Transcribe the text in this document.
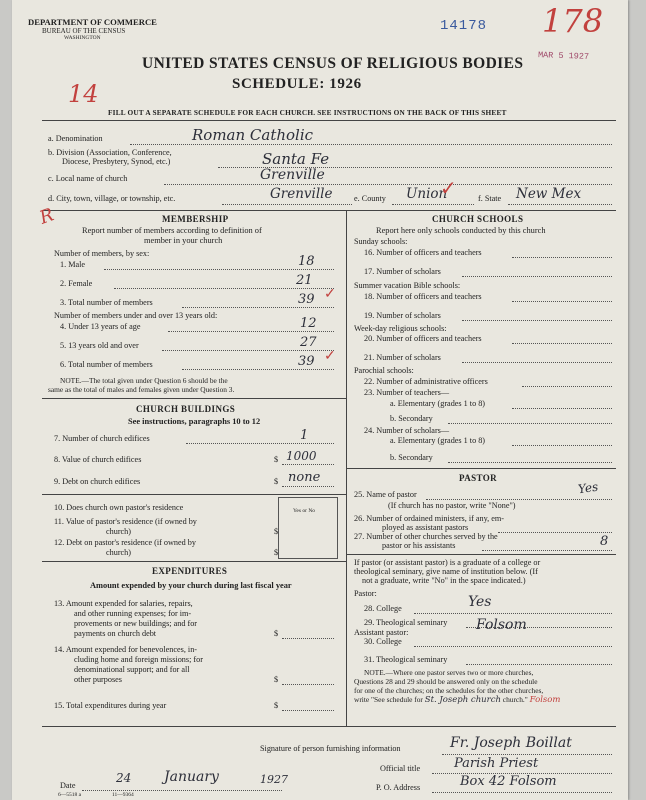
DEPARTMENT OF COMMERCE
BUREAU OF THE CENSUS
WASHINGTON
14178 178
MAR 5 1927
UNITED STATES CENSUS OF RELIGIOUS BODIES
SCHEDULE: 1926
14
FILL OUT A SEPARATE SCHEDULE FOR EACH CHURCH. SEE INSTRUCTIONS ON THE BACK OF THIS SHEET
a. Denomination	Roman Catholic
b. Division (Association, Conference,
Diocese, Presbytery, Synod, etc.)	Santa Fe
c. Local name of church	Grenville
d. City, town, village, or township, etc.	Grenville	e. County Union
✓	f. State New Mex
R	MEMBERSHIP
Report number of members according to definition of
member in your church
Number of members, by sex:
1. Male	18
2. Female	21
3. Total number of members	39 ✓
Number of members under and over 13 years old:
4. Under 13 years of age	12
5. 13 years old and over	27
6. Total number of members	39 ✓
NOTE.—The total given under Question 6 should be the
same as the total of males and females given under Question 3.
CHURCH BUILDINGS
See instructions, paragraphs 10 to 12
7. Number of church edifices	1
8. Value of church edifices	$ 1000
9. Debt on church edifices	$ none
Yes or No
10. Does church own pastor's residence
11. Value of pastor's residence (if owned by
church)	$
12. Debt on pastor's residence (if owned by
church)	$
EXPENDITURES
Amount expended by your church during last fiscal year
13. Amount expended for salaries, repairs,
and other running expenses; for im-
provements or new buildings; and for
payments on church debt	$
14. Amount expended for benevolences, in-
cluding home and foreign missions; for
denominational support; and for all
other purposes	$
15. Total expenditures during year	$
CHURCH SCHOOLS
Report here only schools conducted by this church
Sunday schools:
16. Number of officers and teachers
17. Number of scholars
Summer vacation Bible schools:
18. Number of officers and teachers
19. Number of scholars
Week-day religious schools:
20. Number of officers and teachers
21. Number of scholars
Parochial schools:
22. Number of administrative officers
23. Number of teachers—
a. Elementary (grades 1 to 8)
b. Secondary
24. Number of scholars—
a. Elementary (grades 1 to 8)
b. Secondary
PASTOR
25. Name of pastor	Yes
(If church has no pastor, write "None")
26. Number of ordained ministers, if any, em-
ployed as assistant pastors
27. Number of other churches served by the
pastor or his assistants	8
If pastor (or assistant pastor) is a graduate of a college or
theological seminary, give name of institution below. (If
not a graduate, write "No" in the space indicated.)
Pastor:
28. College	Yes
29. Theological seminary Folsom
Assistant pastor:
30. College
31. Theological seminary
NOTE.—Where one pastor serves two or more churches,
Questions 28 and 29 should be answered only on the schedule
for one of the churches; on the schedules for the other churches,
write "See schedule for St. Joseph church church." Folsom
Signature of person furnishing information	Fr. Joseph Boillat
Official title	Parish Priest
Date
24 January	1927
P. O. Address	Box 42 Folsom
6—5518 a	11—9364
